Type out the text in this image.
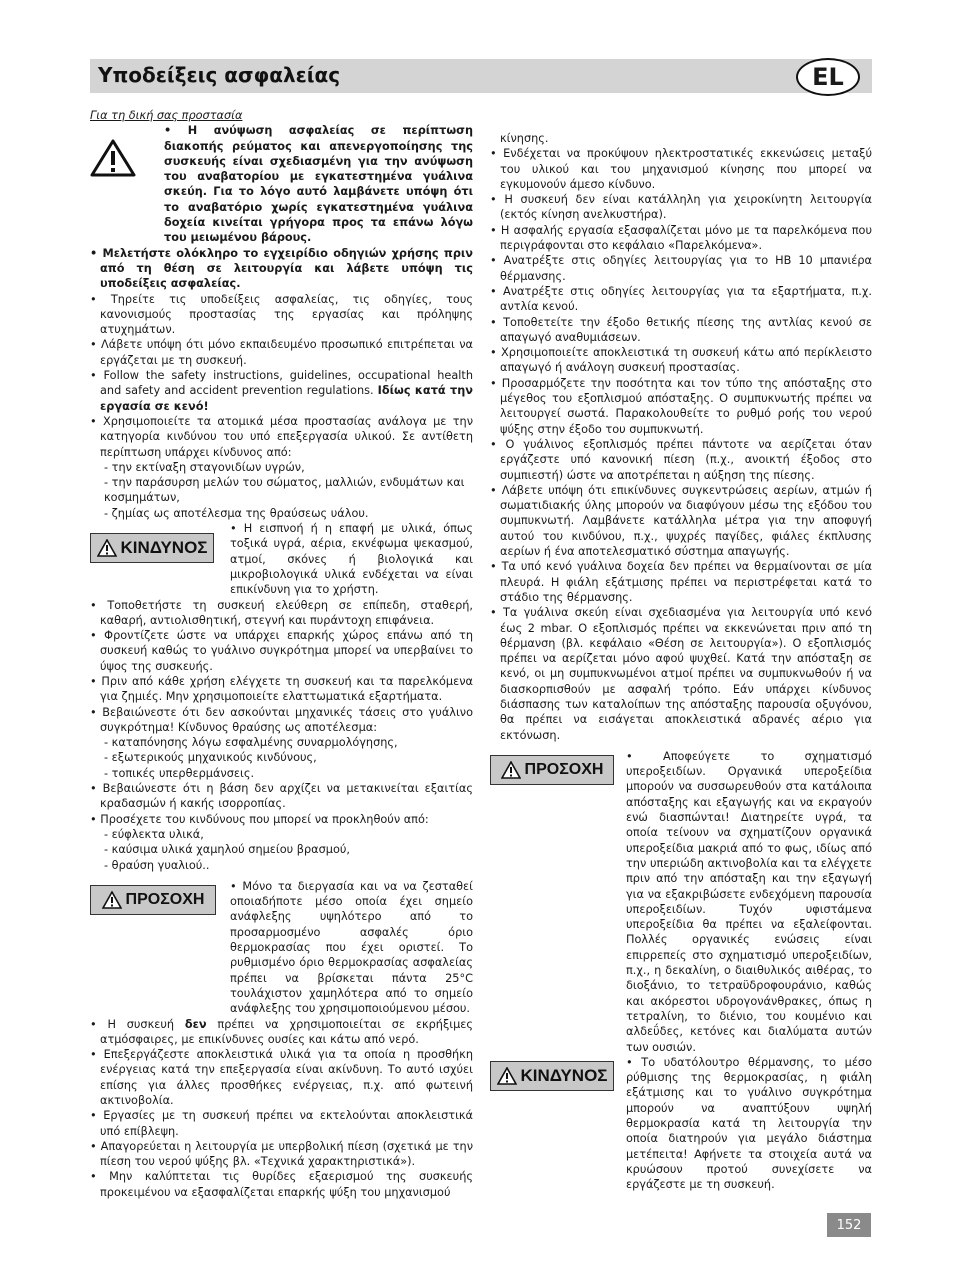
Υποδείξεις ασφαλείας	EL

Για τη δική σας προστασία

• Η ανύψωση ασφαλείας σε περίπτωση διακοπής ρεύματος και απενεργοποίησης της συσκευής είναι σχεδιασμένη για την ανύψωση του αναβατορίου με εγκατεστημένα γυάλινα σκεύη. Για το λόγο αυτό λαμβάνετε υπόψη ότι το αναβατόριο χωρίς εγκατεστημένα γυάλινα δοχεία κινείται γρήγορα προς τα επάνω λόγω του μειωμένου βάρους.

• Μελετήστε ολόκληρο το εγχειρίδιο οδηγιών χρήσης πριν από τη θέση σε λειτουργία και λάβετε υπόψη τις υποδείξεις ασφαλείας.

• Τηρείτε τις υποδείξεις ασφαλείας, τις οδηγίες, τους κανονισμούς προστασίας της εργασίας και πρόληψης ατυχημάτων.

• Λάβετε υπόψη ότι μόνο εκπαιδευμένο προσωπικό επιτρέπεται να εργάζεται με τη συσκευή.

• Follow the safety instructions, guidelines, occupational health and safety and accident prevention regulations. Ιδίως κατά την εργασία σε κενό!

• Χρησιμοποιείτε τα ατομικά μέσα προστασίας ανάλογα με την κατηγορία κινδύνου του υπό επεξεργασία υλικού. Σε αντίθετη περίπτωση υπάρχει κίνδυνος από:

- την εκτίναξη σταγονιδίων υγρών,

- την παράσυρση μελών του σώματος, μαλλιών, ενδυμάτων και κοσμημάτων,

- ζημίας ως αποτέλεσμα της θραύσεως υάλου.

ΚΙΝΔΥΝΟΣ

• Η εισπνοή ή η επαφή με υλικά, όπως τοξικά υγρά, αέρια, εκνέφωμα ψεκασμού, ατμοί, σκόνες ή βιολογικά και μικροβιολογικά υλικά ενδέχεται να είναι επικίνδυνη για το χρήστη.

• Τοποθετήστε τη συσκευή ελεύθερη σε επίπεδη, σταθερή, καθαρή, αντιολισθητική, στεγνή και πυράντοχη επιφάνεια.

• Φροντίζετε ώστε να υπάρχει επαρκής χώρος επάνω από τη συσκευή καθώς το γυάλινο συγκρότημα μπορεί να υπερβαίνει το ύψος της συσκευής.

• Πριν από κάθε χρήση ελέγχετε τη συσκευή και τα παρελκόμενα για ζημιές. Μην χρησιμοποιείτε ελαττωματικά εξαρτήματα.

• Βεβαιώνεστε ότι δεν ασκούνται μηχανικές τάσεις στο γυάλινο συγκρότημα! Κίνδυνος θραύσης ως αποτέλεσμα:

- καταπόνησης λόγω εσφαλμένης συναρμολόγησης,

- εξωτερικούς μηχανικούς κινδύνους,

- τοπικές υπερθερμάνσεις.

• Βεβαιώνεστε ότι η βάση δεν αρχίζει να μετακινείται εξαιτίας κραδασμών ή κακής ισορροπίας.

• Προσέχετε του κινδύνους που μπορεί να προκληθούν από:

- εύφλεκτα υλικά,

- καύσιμα υλικά χαμηλού σημείου βρασμού,

- θραύση γυαλιού..

ΠΡΟΣΟΧΗ

• Μόνο τα διεργασία και να να ζεσταθεί οποιαδήποτε μέσο οποία έχει σημείο ανάφλεξης υψηλότερο από το προσαρμοσμένο ασφαλές όριο θερμοκρασίας που έχει οριστεί. Το ρυθμισμένο όριο θερμοκρασίας ασφαλείας πρέπει να βρίσκεται πάντα 25°C τουλάχιστον χαμηλότερα από το σημείο ανάφλεξης του χρησιμοποιούμενου μέσου.

• Η συσκευή δεν πρέπει να χρησιμοποιείται σε εκρήξιμες ατμόσφαιρες, με επικίνδυνες ουσίες και κάτω από νερό.

• Επεξεργάζεστε αποκλειστικά υλικά για τα οποία η προσθήκη ενέργειας κατά την επεξεργασία είναι ακίνδυνη. Το αυτό ισχύει επίσης για άλλες προσθήκες ενέργειας, π.χ. από φωτεινή ακτινοβολία.

• Εργασίες με τη συσκευή πρέπει να εκτελούνται αποκλειστικά υπό επίβλεψη.

• Απαγορεύεται η λειτουργία με υπερβολική πίεση (σχετικά με την πίεση του νερού ψύξης βλ. «Τεχνικά χαρακτηριστικά»).

• Μην καλύπτεται τις θυρίδες εξαερισμού της συσκευής προκειμένου να εξασφαλίζεται επαρκής ψύξη του μηχανισμού

κίνησης.

• Ενδέχεται να προκύψουν ηλεκτροστατικές εκκενώσεις μεταξύ του υλικού και του μηχανισμού κίνησης που μπορεί να εγκυμονούν άμεσο κίνδυνο.

• Η συσκευή δεν είναι κατάλληλη για χειροκίνητη λειτουργία (εκτός κίνηση ανελκυστήρα).

• Η ασφαλής εργασία εξασφαλίζεται μόνο με τα παρελκόμενα που περιγράφονται στο κεφάλαιο «Παρελκόμενα».

• Ανατρέξτε στις οδηγίες λειτουργίας για το HB 10 μπανιέρα θέρμανσης.

• Ανατρέξτε στις οδηγίες λειτουργίας για τα εξαρτήματα, π.χ. αντλία κενού.

• Τοποθετείτε την έξοδο θετικής πίεσης της αντλίας κενού σε απαγωγό αναθυμιάσεων.

• Χρησιμοποιείτε αποκλειστικά τη συσκευή κάτω από περίκλειστο απαγωγό ή ανάλογη συσκευή προστασίας.

• Προσαρμόζετε την ποσότητα και τον τύπο της απόσταξης στο μέγεθος του εξοπλισμού απόσταξης. Ο συμπυκνωτής πρέπει να λειτουργεί σωστά. Παρακολουθείτε το ρυθμό ροής του νερού ψύξης στην έξοδο του συμπυκνωτή.

• Ο γυάλινος εξοπλισμός πρέπει πάντοτε να αερίζεται όταν εργάζεστε υπό κανονική πίεση (π.χ., ανοικτή έξοδος στο συμπιεστή) ώστε να αποτρέπεται η αύξηση της πίεσης.

• Λάβετε υπόψη ότι επικίνδυνες συγκεντρώσεις αερίων, ατμών ή σωματιδιακής ύλης μπορούν να διαφύγουν μέσω της εξόδου του συμπυκνωτή. Λαμβάνετε κατάλληλα μέτρα για την αποφυγή αυτού του κινδύνου, π.χ., ψυχρές παγίδες, φιάλες έκπλυσης αερίων ή ένα αποτελεσματικό σύστημα απαγωγής.

• Τα υπό κενό γυάλινα δοχεία δεν πρέπει να θερμαίνονται σε μία πλευρά. Η φιάλη εξάτμισης πρέπει να περιστρέφεται κατά το στάδιο της θέρμανσης.

• Τα γυάλινα σκεύη είναι σχεδιασμένα για λειτουργία υπό κενό έως 2 mbar. Ο εξοπλισμός πρέπει να εκκενώνεται πριν από τη θέρμανση (βλ. κεφάλαιο «Θέση σε λειτουργία»). Ο εξοπλισμός πρέπει να αερίζεται μόνο αφού ψυχθεί. Κατά την απόσταξη σε κενό, οι μη συμπυκνωμένοι ατμοί πρέπει να συμπυκνωθούν ή να διασκορπισθούν με ασφαλή τρόπο. Εάν υπάρχει κίνδυνος διάσπασης των καταλοίπων της απόσταξης παρουσία οξυγόνου, θα πρέπει να εισάγεται αποκλειστικά αδρανές αέριο για εκτόνωση.

ΠΡΟΣΟΧΗ

• Αποφεύγετε το σχηματισμό υπεροξειδίων. Οργανικά υπεροξείδια μπορούν να συσσωρευθούν στα κατάλοιπα απόσταξης και εξαγωγής και να εκραγούν ενώ διασπώνται! Διατηρείτε υγρά, τα οποία τείνουν να σχηματίζουν οργανικά υπεροξείδια μακριά από το φως, ιδίως από την υπεριώδη ακτινοβολία και τα ελέγχετε πριν από την απόσταξη και την εξαγωγή για να εξακριβώσετε ενδεχόμενη παρουσία υπεροξειδίων. Τυχόν υφιστάμενα υπεροξείδια θα πρέπει να εξαλείφονται. Πολλές οργανικές ενώσεις είναι επιρρεπείς στο σχηματισμό υπεροξειδίων, π.χ., η δεκαλίνη, ο διαιθυλικός αιθέρας, το διοξάνιο, το τετραϋδροφουράνιο, καθώς και ακόρεστοι υδρογονάνθρακες, όπως η τετραλίνη, το διένιο, του κουμένιο και αλδεΰδες, κετόνες και διαλύματα αυτών των ουσιών.

ΚΙΝΔΥΝΟΣ

• Το υδατόλουτρο θέρμανσης, το μέσο ρύθμισης της θερμοκρασίας, η φιάλη εξάτμισης και το γυάλινο συγκρότημα μπορούν να αναπτύξουν υψηλή θερμοκρασία κατά τη λειτουργία την οποία διατηρούν για μεγάλο διάστημα μετέπειτα! Αφήνετε τα στοιχεία αυτά να κρυώσουν προτού συνεχίσετε να εργάζεστε με τη συσκευή.

152
